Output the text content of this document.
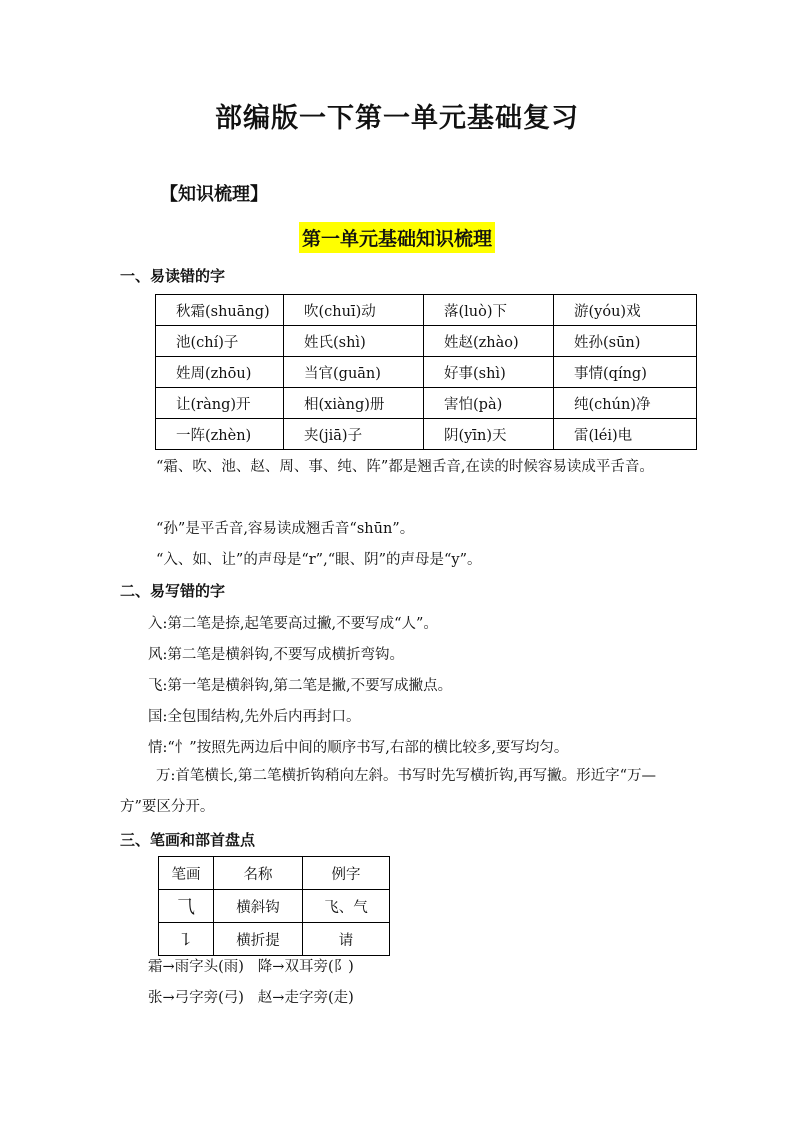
部编版一下第一单元基础复习
【知识梳理】
第一单元基础知识梳理
一、易读错的字
秋霜(shuāng)	吹(chuī)动	落(luò)下	游(yóu)戏
池(chí)子	姓氏(shì)	姓赵(zhào)	姓孙(sūn)
姓周(zhōu)	当官(guān)	好事(shì)	事情(qíng)
让(ràng)开	相(xiàng)册	害怕(pà)	纯(chún)净
一阵(zhèn)	夹(jiā)子	阴(yīn)天	雷(léi)电
“霜、吹、池、赵、周、事、纯、阵”都是翘舌音,在读的时候容易读成平舌音。
“孙”是平舌音,容易读成翘舌音“shūn”。
“入、如、让”的声母是“r”,“眼、阴”的声母是“y”。
二、易写错的字
入:第二笔是捺,起笔要高过撇,不要写成“人”。
风:第二笔是横斜钩,不要写成横折弯钩。
飞:第一笔是横斜钩,第二笔是撇,不要写成撇点。
国:全包围结构,先外后内再封口。
情:“忄”按照先两边后中间的顺序书写,右部的横比较多,要写均匀。
万:首笔横长,第二笔横折钩稍向左斜。书写时先写横折钩,再写撇。形近字“万—方”要区分开。
三、笔画和部首盘点
笔画	名称	例字
⺄	横斜钩	飞、气
㇊	横折提	请
霜→雨字头(雨)   降→双耳旁(阝)
张→弓字旁(弓)   赵→走字旁(走)
